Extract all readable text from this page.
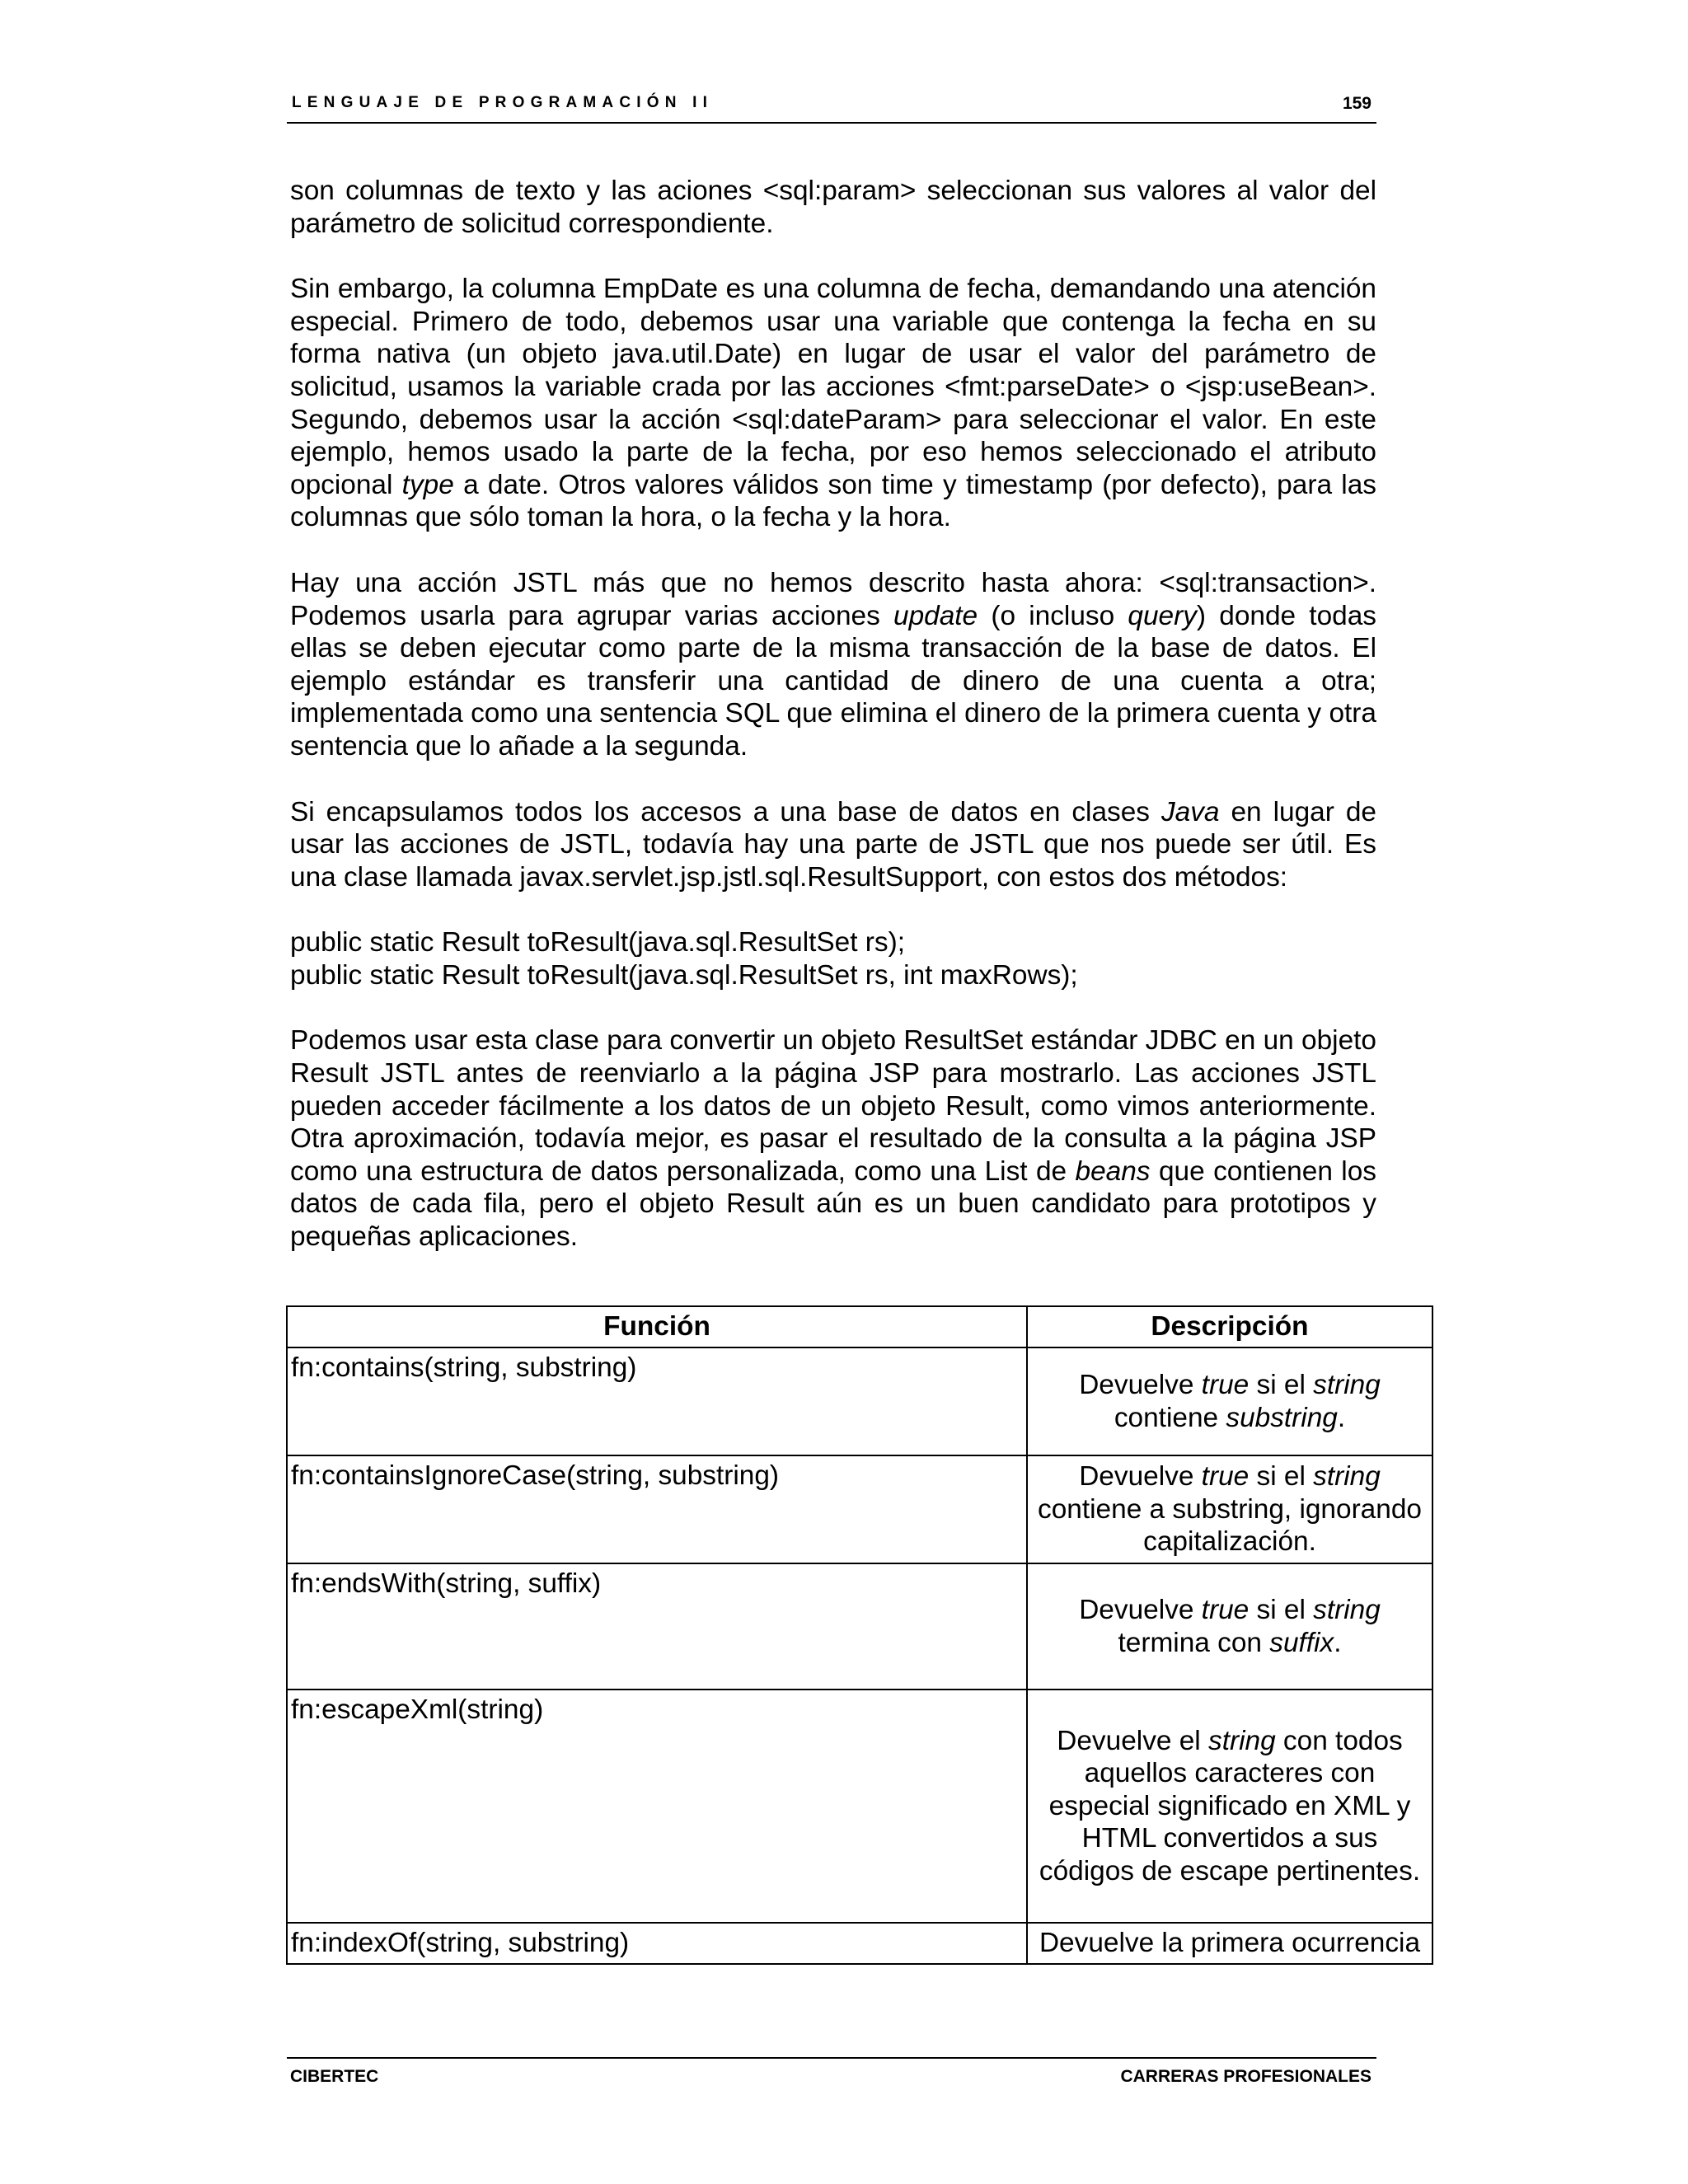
LENGUAJE DE PROGRAMACIÓN II	159

son columnas de texto y las aciones <sql:param> seleccionan sus valores al valor del parámetro de solicitud correspondiente.

Sin embargo, la columna EmpDate es una columna de fecha, demandando una atención especial. Primero de todo, debemos usar una variable que contenga la fecha en su forma nativa (un objeto java.util.Date) en lugar de usar el valor del parámetro de solicitud, usamos la variable crada por las acciones <fmt:parseDate> o <jsp:useBean>. Segundo, debemos usar la acción <sql:dateParam> para seleccionar el valor. En este ejemplo, hemos usado la parte de la fecha, por eso hemos seleccionado el atributo opcional type a date. Otros valores válidos son time y timestamp (por defecto), para las columnas que sólo toman la hora, o la fecha y la hora.

Hay una acción JSTL más que no hemos descrito hasta ahora: <sql:transaction>. Podemos usarla para agrupar varias acciones update (o incluso query) donde todas ellas se deben ejecutar como parte de la misma transacción de la base de datos. El ejemplo estándar es transferir una cantidad de dinero de una cuenta a otra; implementada como una sentencia SQL que elimina el dinero de la primera cuenta y otra sentencia que lo añade a la segunda.

Si encapsulamos todos los accesos a una base de datos en clases Java en lugar de usar las acciones de JSTL, todavía hay una parte de JSTL que nos puede ser útil. Es una clase llamada javax.servlet.jsp.jstl.sql.ResultSupport, con estos dos métodos:

public static Result toResult(java.sql.ResultSet rs);
public static Result toResult(java.sql.ResultSet rs, int maxRows);

Podemos usar esta clase para convertir un objeto ResultSet estándar JDBC en un objeto Result JSTL antes de reenviarlo a la página JSP para mostrarlo. Las acciones JSTL pueden acceder fácilmente a los datos de un objeto Result, como vimos anteriormente. Otra aproximación, todavía mejor, es pasar el resultado de la consulta a la página JSP como una estructura de datos personalizada, como una List de beans que contienen los datos de cada fila, pero el objeto Result aún es un buen candidato para prototipos y pequeñas aplicaciones.

Función	Descripción
fn:contains(string, substring)	Devuelve true si el string
contiene substring.
fn:containsIgnoreCase(string, substring)	Devuelve true si el string contiene a substring, ignorando capitalización.
fn:endsWith(string, suffix)	Devuelve true si el string
termina con suffix.
fn:escapeXml(string)	Devuelve el string con todos aquellos caracteres con especial significado en XML y HTML convertidos a sus códigos de escape pertinentes.
fn:indexOf(string, substring)	Devuelve la primera ocurrencia
CIBERTEC	CARRERAS PROFESIONALES
